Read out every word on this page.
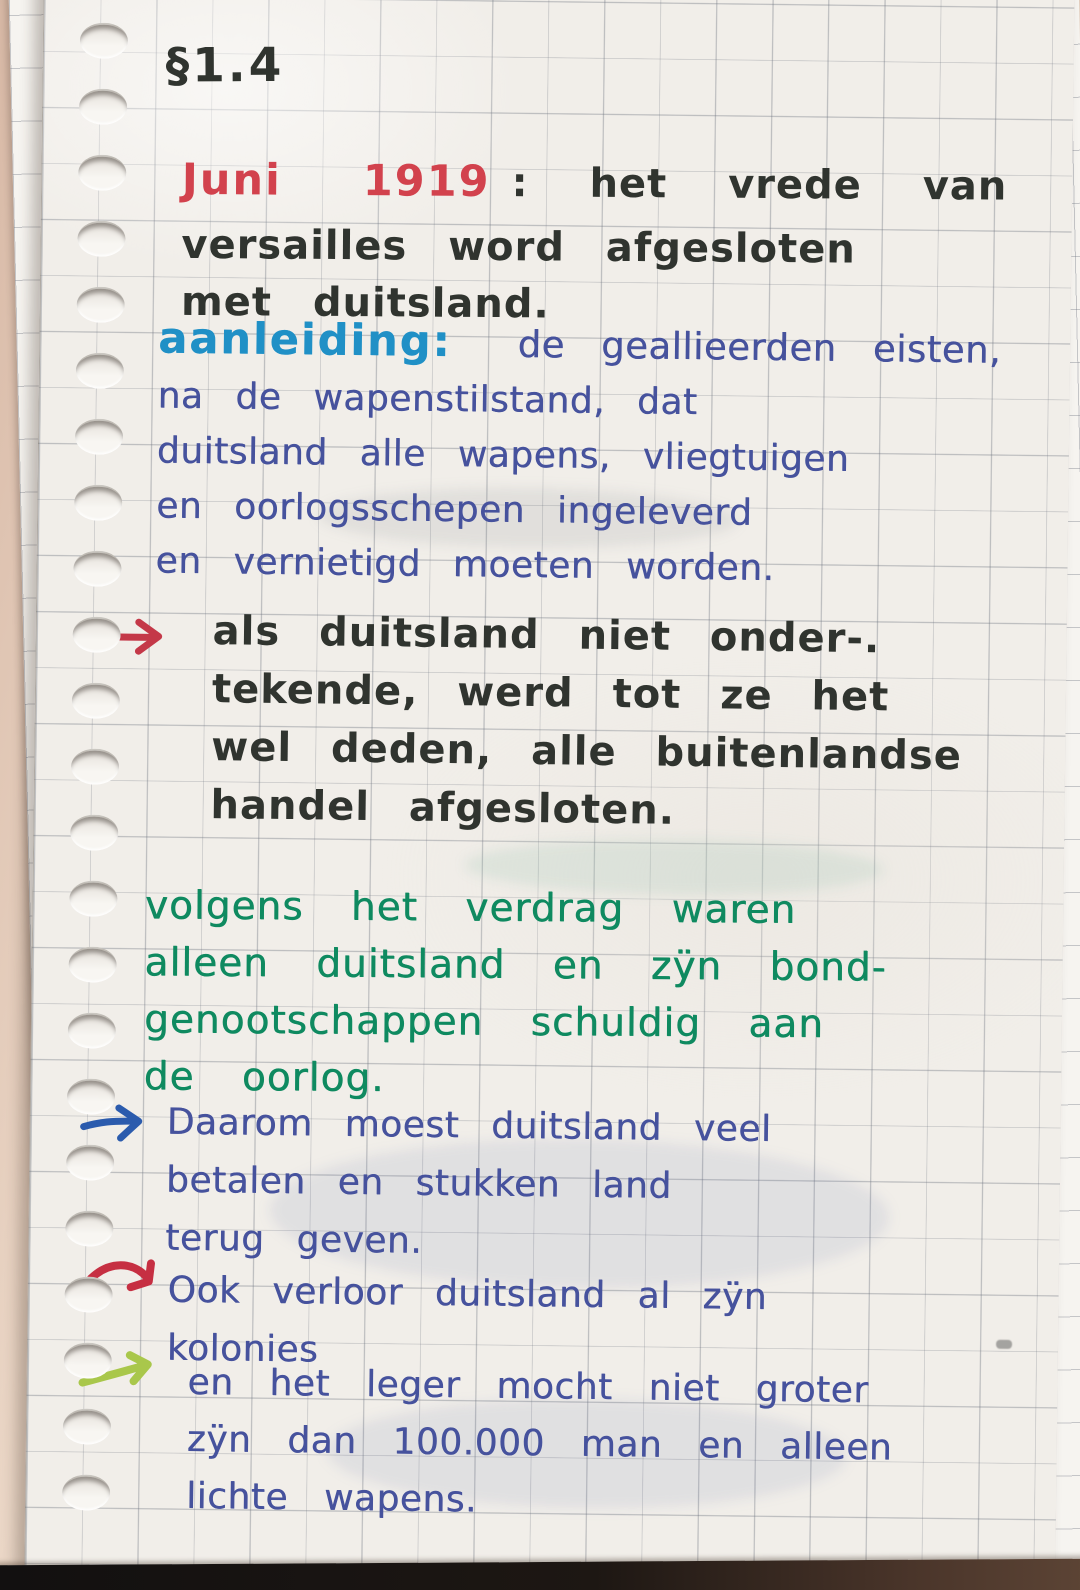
§1.4
Juni 1919 : het vrede van
versailles word afgesloten
met duitsland.
aanleiding: de geallieerden eisten,
na de wapenstilstand, dat
duitsland alle wapens, vliegtuigen
en oorlogsschepen ingeleverd
en vernietigd moeten worden.
als duitsland niet onder-.
tekende, werd tot ze het
wel deden, alle buitenlandse
handel afgesloten.
volgens het verdrag waren
alleen duitsland en zÿn bond-
genootschappen schuldig aan
de oorlog.
Daarom moest duitsland veel
betalen en stukken land
terug geven.
Ook verloor duitsland al zÿn
kolonies
en het leger mocht niet groter
zÿn dan 100.000 man en alleen
lichte wapens.
